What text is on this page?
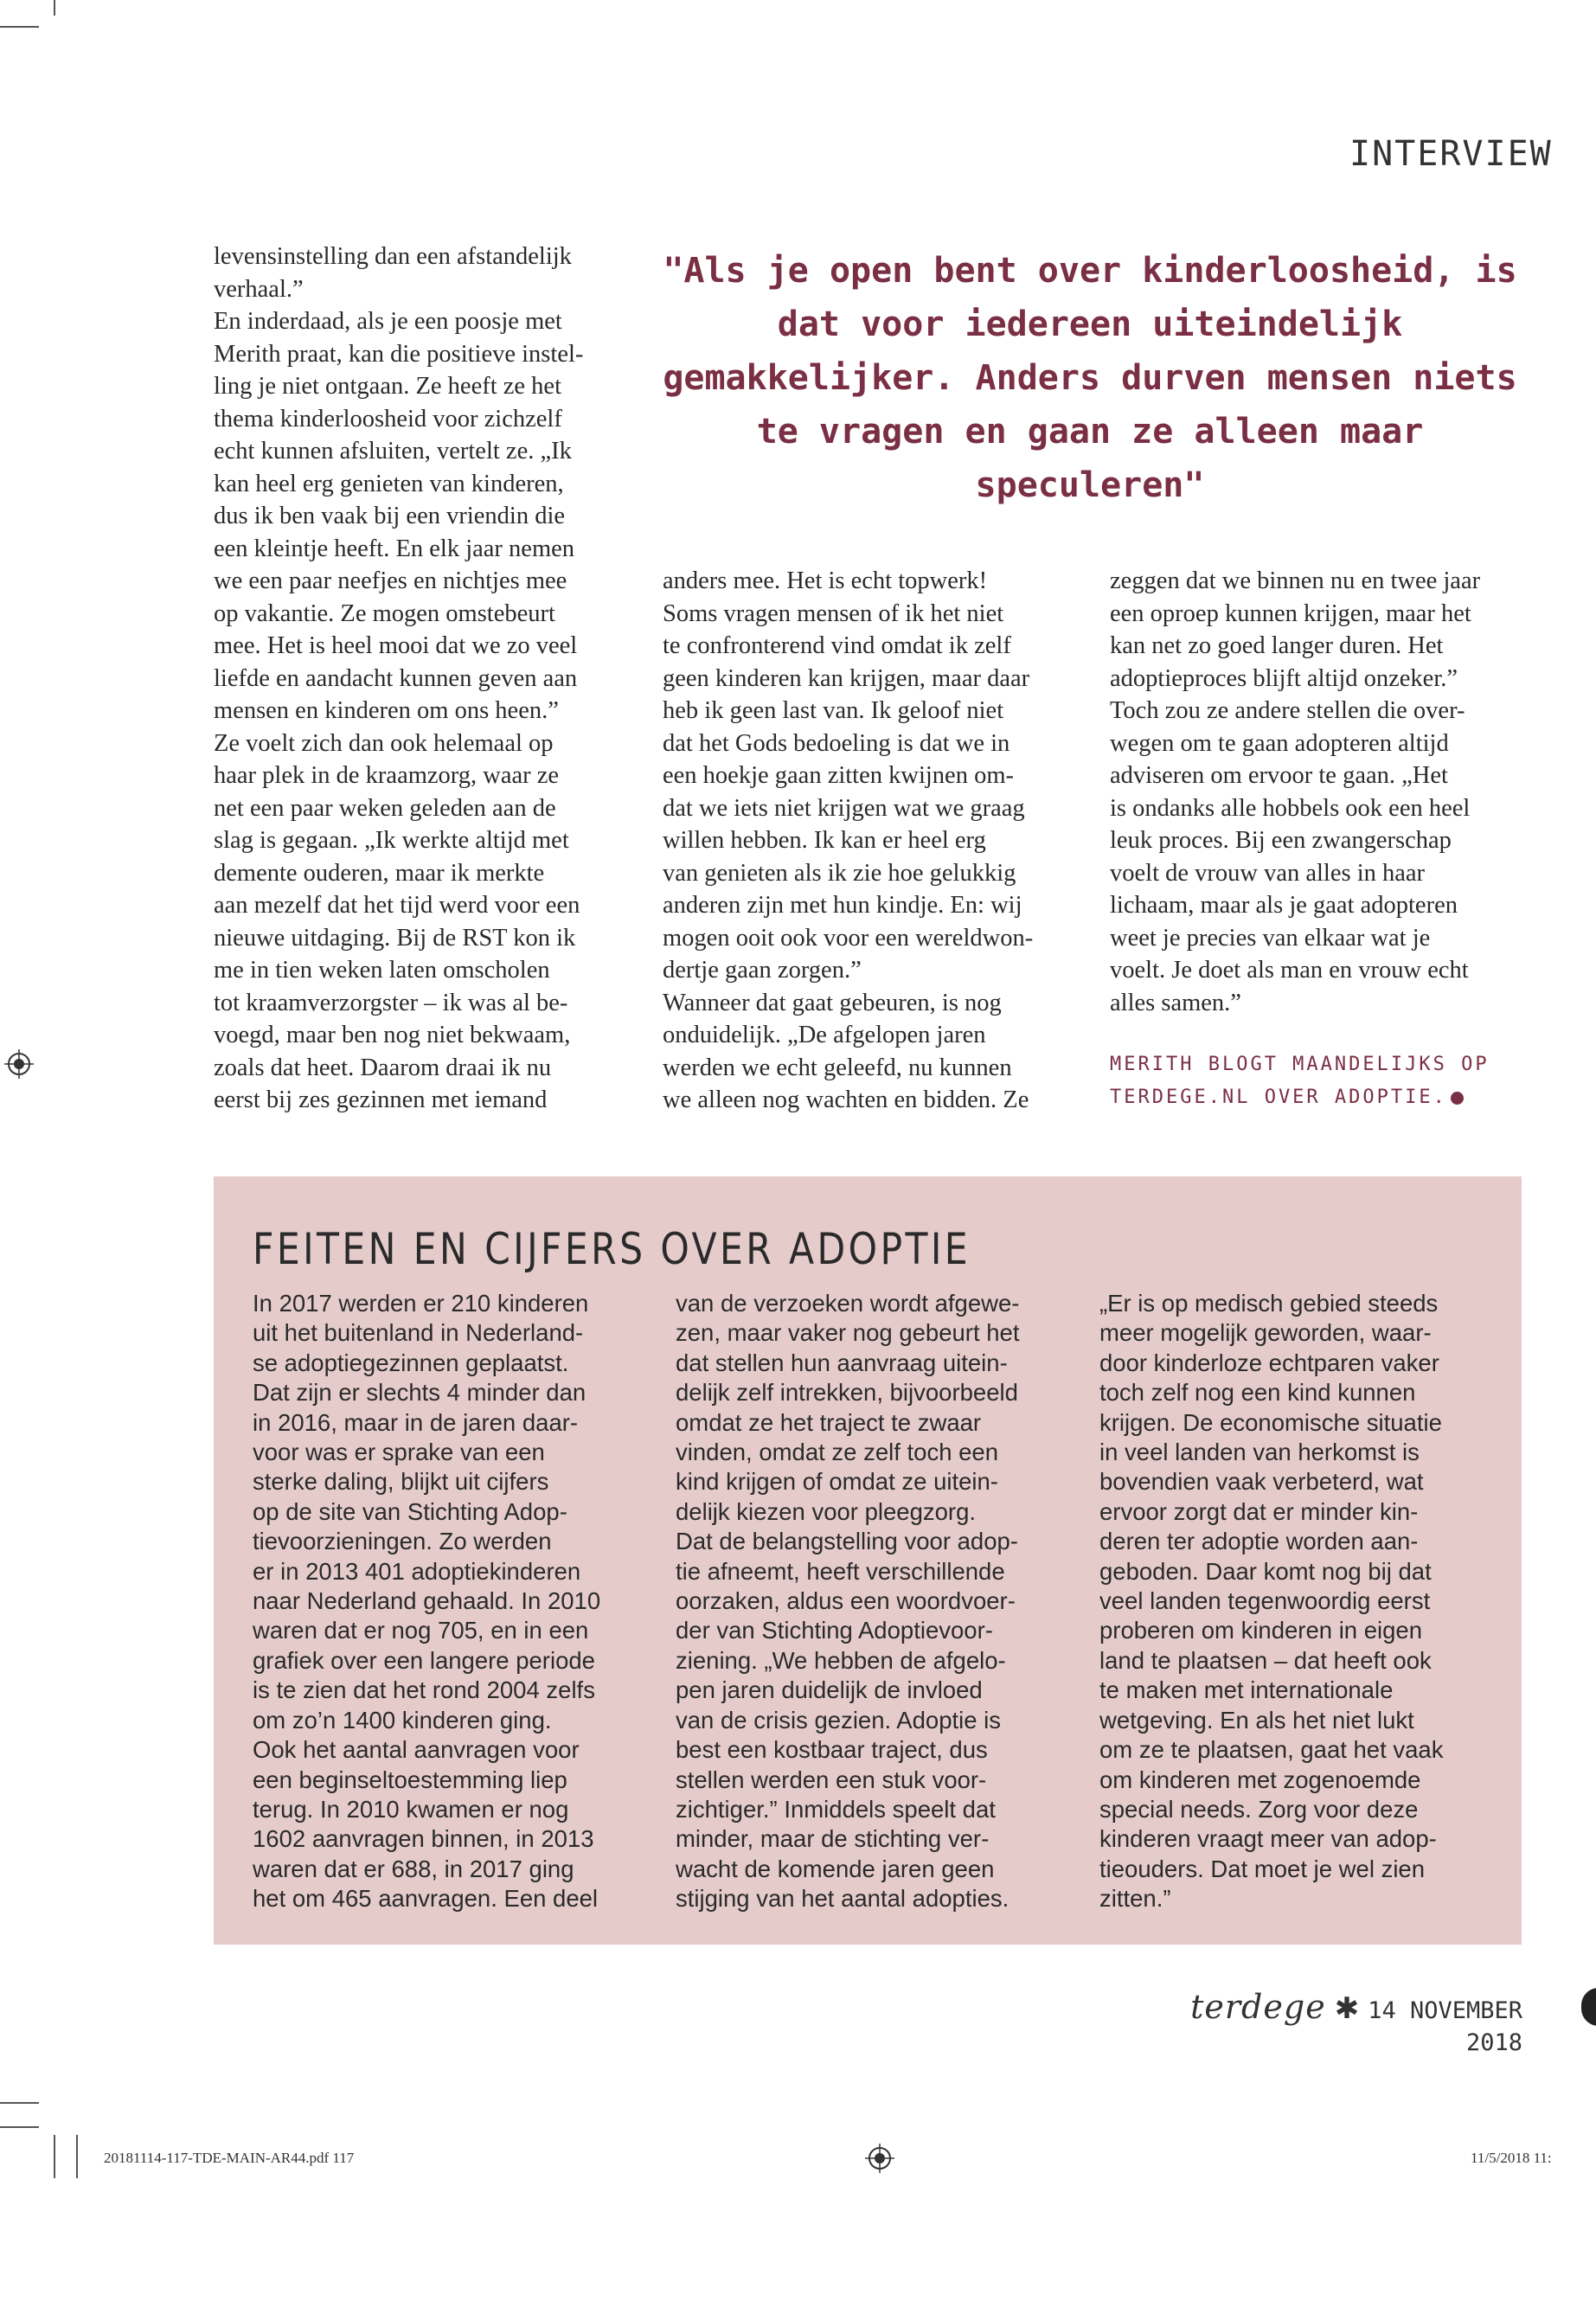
INTERVIEW
levensinstelling dan een afstandelijk
verhaal.”
En inderdaad, als je een poosje met
Merith praat, kan die positieve instel-
ling je niet ontgaan. Ze heeft ze het
thema kinderloosheid voor zichzelf
echt kunnen afsluiten, vertelt ze. „Ik
kan heel erg genieten van kinderen,
dus ik ben vaak bij een vriendin die
een kleintje heeft. En elk jaar nemen
we een paar neefjes en nichtjes mee
op vakantie. Ze mogen omstebeurt
mee. Het is heel mooi dat we zo veel
liefde en aandacht kunnen geven aan
mensen en kinderen om ons heen.”
Ze voelt zich dan ook helemaal op
haar plek in de kraamzorg, waar ze
net een paar weken geleden aan de
slag is gegaan. „Ik werkte altijd met
demente ouderen, maar ik merkte
aan mezelf dat het tijd werd voor een
nieuwe uitdaging. Bij de RST kon ik
me in tien weken laten omscholen
tot kraamverzorgster – ik was al be-
voegd, maar ben nog niet bekwaam,
zoals dat heet. Daarom draai ik nu
eerst bij zes gezinnen met iemand
"Als je open bent over kinderloosheid, is dat voor iedereen uiteindelijk gemakkelijker. Anders durven mensen niets te vragen en gaan ze alleen maar speculeren"
anders mee. Het is echt topwerk!
Soms vragen mensen of ik het niet
te confronterend vind omdat ik zelf
geen kinderen kan krijgen, maar daar
heb ik geen last van. Ik geloof niet
dat het Gods bedoeling is dat we in
een hoekje gaan zitten kwijnen om-
dat we iets niet krijgen wat we graag
willen hebben. Ik kan er heel erg
van genieten als ik zie hoe gelukkig
anderen zijn met hun kindje. En: wij
mogen ooit ook voor een wereldwon-
dertje gaan zorgen.”
Wanneer dat gaat gebeuren, is nog
onduidelijk. „De afgelopen jaren
werden we echt geleefd, nu kunnen
we alleen nog wachten en bidden. Ze
zeggen dat we binnen nu en twee jaar
een oproep kunnen krijgen, maar het
kan net zo goed langer duren. Het
adoptieproces blijft altijd onzeker.”
Toch zou ze andere stellen die over-
wegen om te gaan adopteren altijd
adviseren om ervoor te gaan. „Het
is ondanks alle hobbels ook een heel
leuk proces. Bij een zwangerschap
voelt de vrouw van alles in haar
lichaam, maar als je gaat adopteren
weet je precies van elkaar wat je
voelt. Je doet als man en vrouw echt
alles samen.”
MERITH BLOGT MAANDELIJKS OP
TERDEGE.NL OVER ADOPTIE.
FEITEN EN CIJFERS OVER ADOPTIE
In 2017 werden er 210 kinderen
uit het buitenland in Nederland-
se adoptiegezinnen geplaatst.
Dat zijn er slechts 4 minder dan
in 2016, maar in de jaren daar-
voor was er sprake van een
sterke daling, blijkt uit cijfers
op de site van Stichting Adop-
tievoorzieningen. Zo werden
er in 2013 401 adoptiekinderen
naar Nederland gehaald. In 2010
waren dat er nog 705, en in een
grafiek over een langere periode
is te zien dat het rond 2004 zelfs
om zo’n 1400 kinderen ging.
Ook het aantal aanvragen voor
een beginseltoestemming liep
terug. In 2010 kwamen er nog
1602 aanvragen binnen, in 2013
waren dat er 688, in 2017 ging
het om 465 aanvragen. Een deel
van de verzoeken wordt afgewe-
zen, maar vaker nog gebeurt het
dat stellen hun aanvraag uitein-
delijk zelf intrekken, bijvoorbeeld
omdat ze het traject te zwaar
vinden, omdat ze zelf toch een
kind krijgen of omdat ze uitein-
delijk kiezen voor pleegzorg.
Dat de belangstelling voor adop-
tie afneemt, heeft verschillende
oorzaken, aldus een woordvoer-
der van Stichting Adoptievoor-
ziening. „We hebben de afgelo-
pen jaren duidelijk de invloed
van de crisis gezien. Adoptie is
best een kostbaar traject, dus
stellen werden een stuk voor-
zichtiger.” Inmiddels speelt dat
minder, maar de stichting ver-
wacht de komende jaren geen
stijging van het aantal adopties.
„Er is op medisch gebied steeds
meer mogelijk geworden, waar-
door kinderloze echtparen vaker
toch zelf nog een kind kunnen
krijgen. De economische situatie
in veel landen van herkomst is
bovendien vaak verbeterd, wat
ervoor zorgt dat er minder kin-
deren ter adoptie worden aan-
geboden. Daar komt nog bij dat
veel landen tegenwoordig eerst
proberen om kinderen in eigen
land te plaatsen – dat heeft ook
te maken met internationale
wetgeving. En als het niet lukt
om ze te plaatsen, gaat het vaak
om kinderen met zogenoemde
special needs. Zorg voor deze
kinderen vraagt meer van adop-
tieouders. Dat moet je wel zien
zitten.”
terdege ✱ 14 NOVEMBER 2018
20181114-117-TDE-MAIN-AR44.pdf 117	11/5/2018 11:
